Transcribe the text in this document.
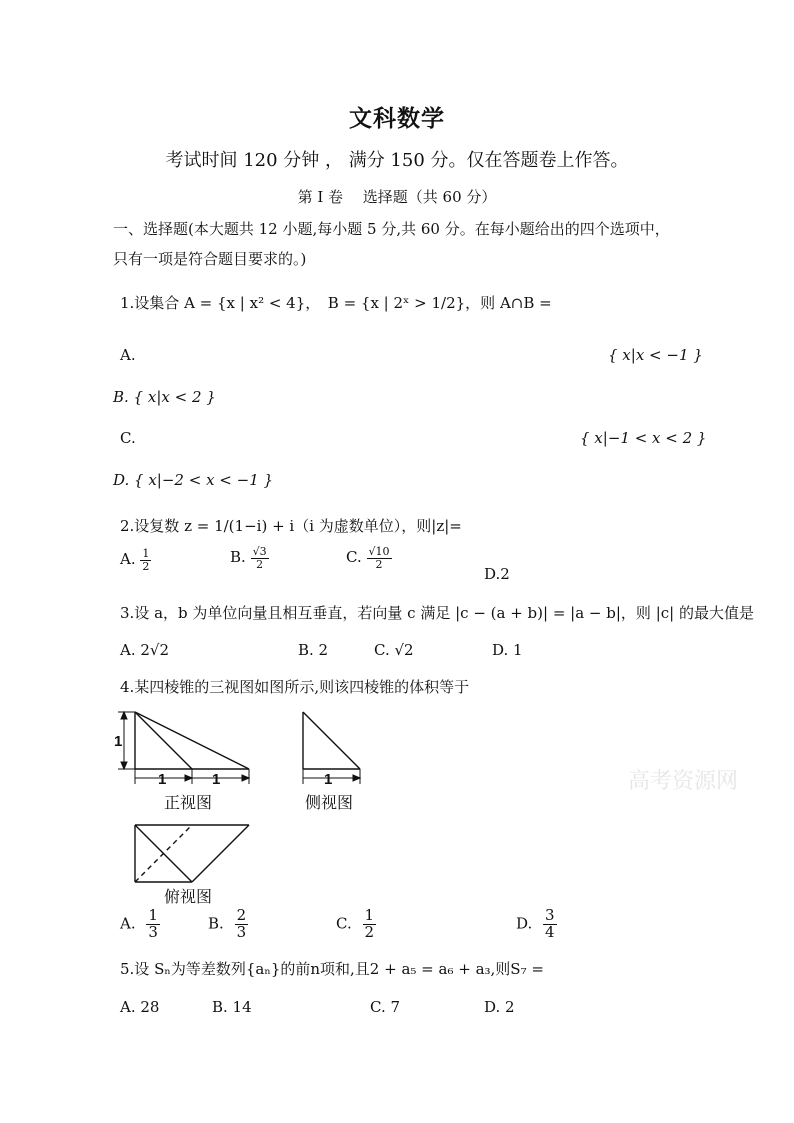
文科数学
考试时间 120 分钟 ， 满分 150 分。仅在答题卷上作答。
第 I 卷　 选择题（共 60 分）
一、选择题(本大题共 12 小题,每小题 5 分,共 60 分。在每小题给出的四个选项中，
只有一项是符合题目要求的。)
1.设集合 A = {x | x² < 4}，　B = {x | 2ˣ > 1/2}，则 A∩B =
A.	{ x|x < −1 }
B. { x|x < 2 }
C.	{ x|−1 < x < 2 }
D. { x|−2 < x < −1 }
2.设复数 z = 1/(1−i) + i（i 为虚数单位），则|z|=
A. $\frac{1}{2}$	B. $\frac{√3}{2}$	C. $\frac{√10}{2}$
D.2
3.设 a，b 为单位向量且相互垂直，若向量 c 满足 |c − (a + b)| = |a − b|，则 |c| 的最大值是
A. 2√2	B. 2	C. √2	D. 1
4.某四棱锥的三视图如图所示,则该四棱锥的体积等于
1
1	1
正视图
1
侧视图
俯视图
高考资源网
A. $\frac{1}{3}$	B. $\frac{2}{3}$	C. $\frac{1}{2}$	D. $\frac{3}{4}$
5.设 Sₙ为等差数列{aₙ}的前n项和,且2 + a₅ = a₆ + a₃,则S₇ =
A. 28	B. 14	C. 7	D. 2
